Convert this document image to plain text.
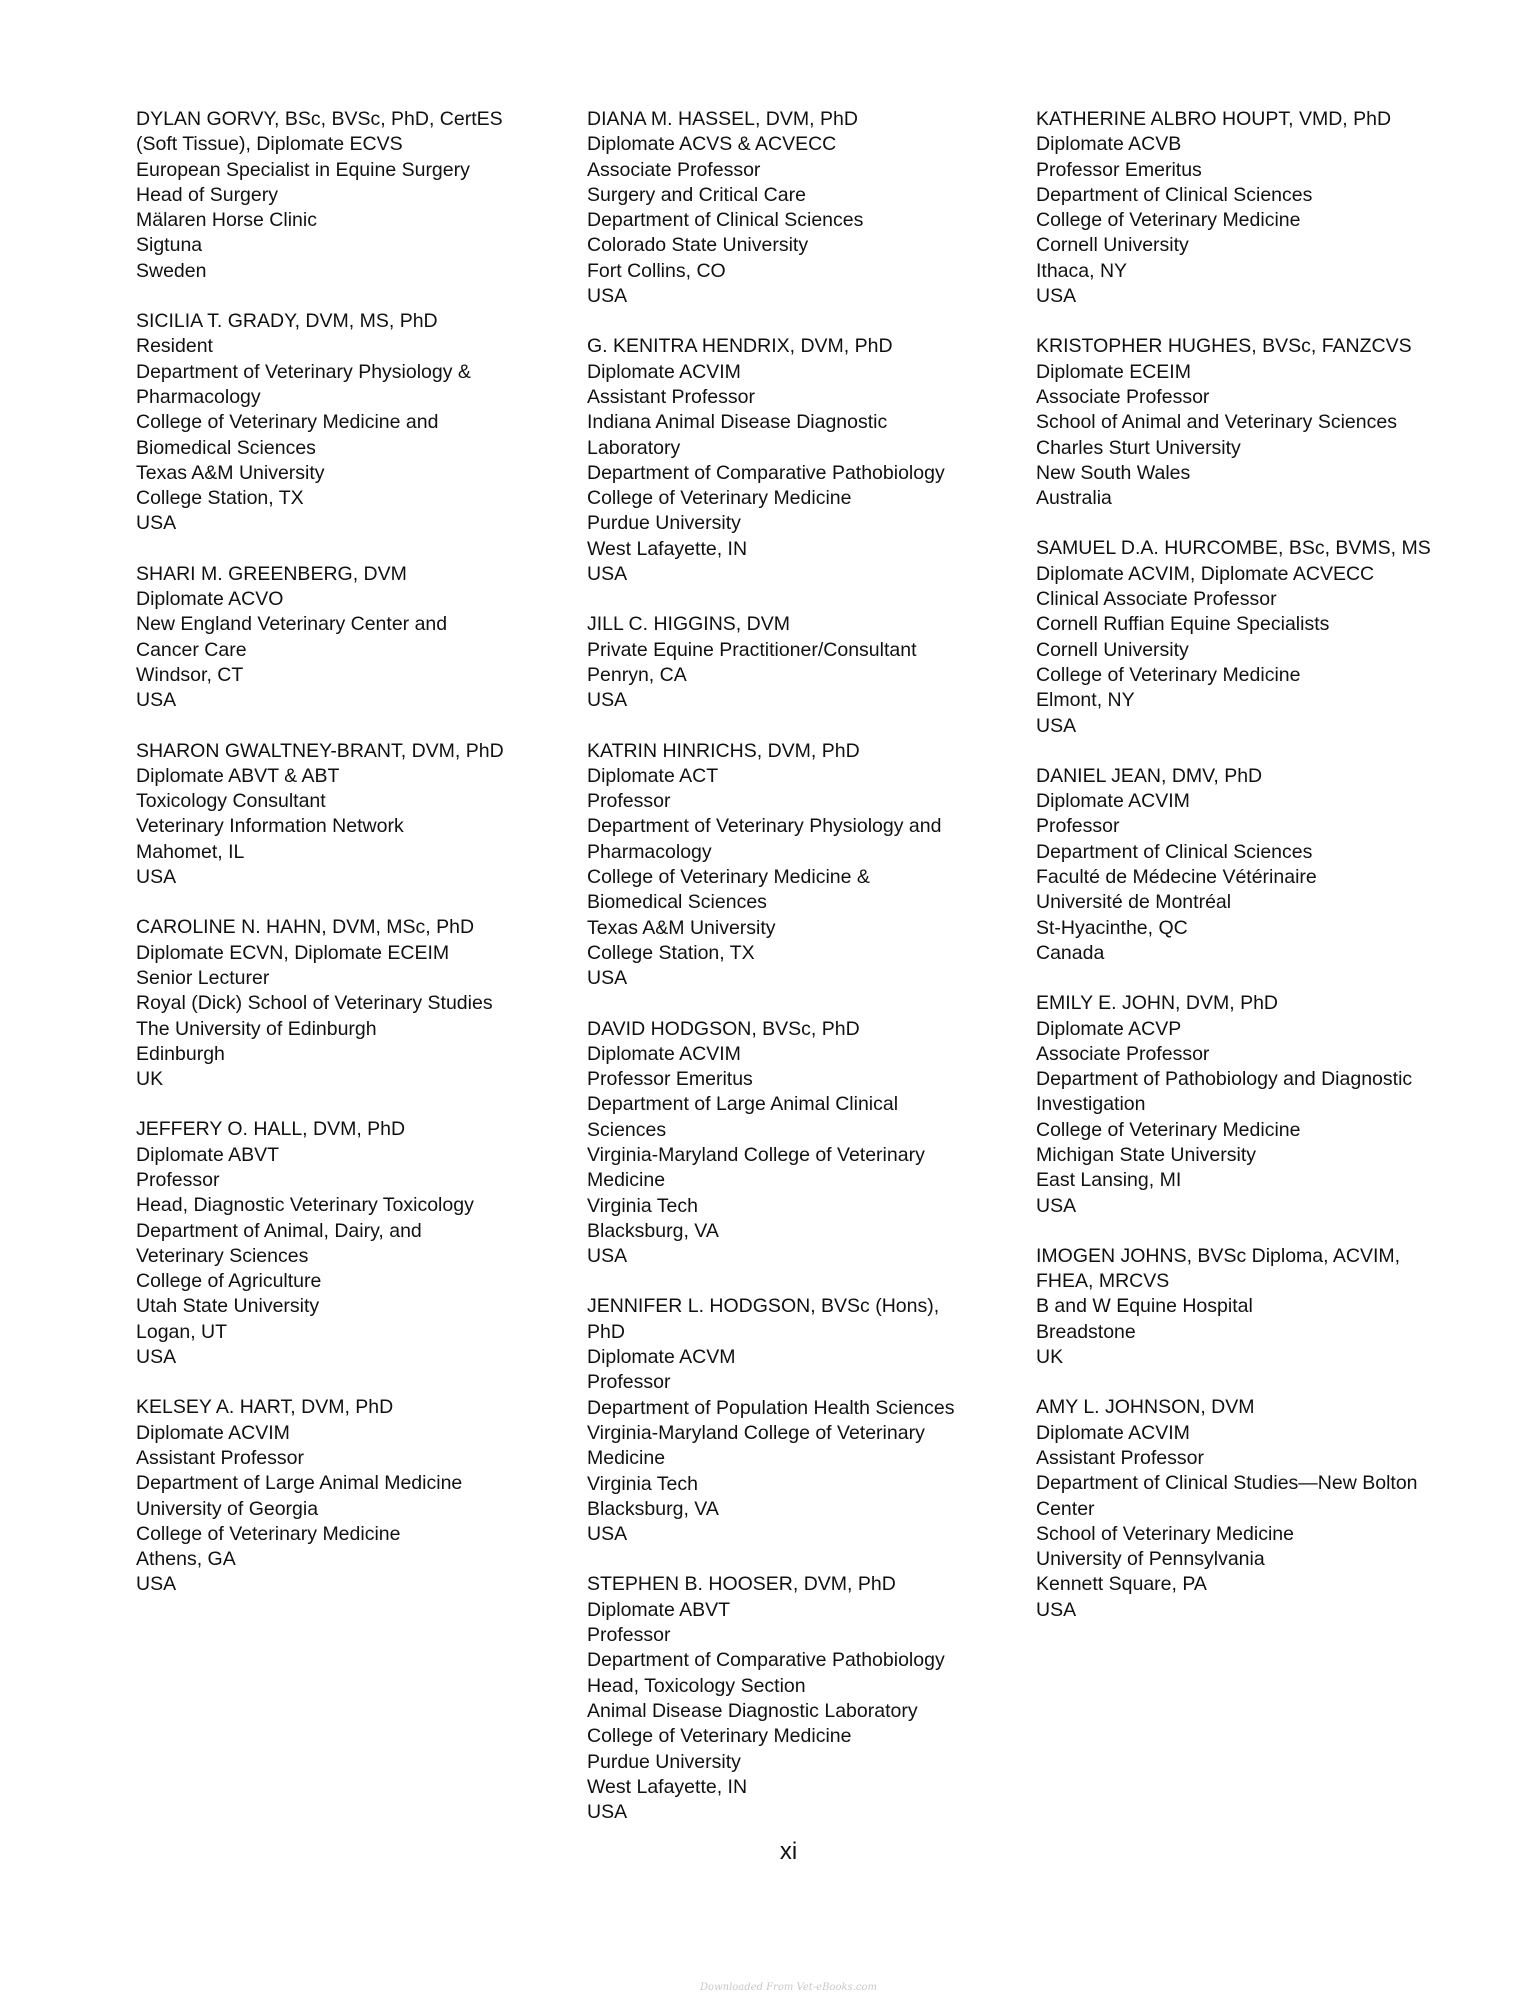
DYLAN GORVY, BSc, BVSc, PhD, CertES
(Soft Tissue), Diplomate ECVS
European Specialist in Equine Surgery
Head of Surgery
Mälaren Horse Clinic
Sigtuna
Sweden
SICILIA T. GRADY, DVM, MS, PhD
Resident
Department of Veterinary Physiology &
Pharmacology
College of Veterinary Medicine and
Biomedical Sciences
Texas A&M University
College Station, TX
USA
SHARI M. GREENBERG, DVM
Diplomate ACVO
New England Veterinary Center and
Cancer Care
Windsor, CT
USA
SHARON GWALTNEY-BRANT, DVM, PhD
Diplomate ABVT & ABT
Toxicology Consultant
Veterinary Information Network
Mahomet, IL
USA
CAROLINE N. HAHN, DVM, MSc, PhD
Diplomate ECVN, Diplomate ECEIM
Senior Lecturer
Royal (Dick) School of Veterinary Studies
The University of Edinburgh
Edinburgh
UK
JEFFERY O. HALL, DVM, PhD
Diplomate ABVT
Professor
Head, Diagnostic Veterinary Toxicology
Department of Animal, Dairy, and
Veterinary Sciences
College of Agriculture
Utah State University
Logan, UT
USA
KELSEY A. HART, DVM, PhD
Diplomate ACVIM
Assistant Professor
Department of Large Animal Medicine
University of Georgia
College of Veterinary Medicine
Athens, GA
USA
DIANA M. HASSEL, DVM, PhD
Diplomate ACVS & ACVECC
Associate Professor
Surgery and Critical Care
Department of Clinical Sciences
Colorado State University
Fort Collins, CO
USA
G. KENITRA HENDRIX, DVM, PhD
Diplomate ACVIM
Assistant Professor
Indiana Animal Disease Diagnostic
Laboratory
Department of Comparative Pathobiology
College of Veterinary Medicine
Purdue University
West Lafayette, IN
USA
JILL C. HIGGINS, DVM
Private Equine Practitioner/Consultant
Penryn, CA
USA
KATRIN HINRICHS, DVM, PhD
Diplomate ACT
Professor
Department of Veterinary Physiology and
Pharmacology
College of Veterinary Medicine &
Biomedical Sciences
Texas A&M University
College Station, TX
USA
DAVID HODGSON, BVSc, PhD
Diplomate ACVIM
Professor Emeritus
Department of Large Animal Clinical
Sciences
Virginia-Maryland College of Veterinary
Medicine
Virginia Tech
Blacksburg, VA
USA
JENNIFER L. HODGSON, BVSc (Hons),
PhD
Diplomate ACVM
Professor
Department of Population Health Sciences
Virginia-Maryland College of Veterinary
Medicine
Virginia Tech
Blacksburg, VA
USA
STEPHEN B. HOOSER, DVM, PhD
Diplomate ABVT
Professor
Department of Comparative Pathobiology
Head, Toxicology Section
Animal Disease Diagnostic Laboratory
College of Veterinary Medicine
Purdue University
West Lafayette, IN
USA
KATHERINE ALBRO HOUPT, VMD, PhD
Diplomate ACVB
Professor Emeritus
Department of Clinical Sciences
College of Veterinary Medicine
Cornell University
Ithaca, NY
USA
KRISTOPHER HUGHES, BVSc, FANZCVS
Diplomate ECEIM
Associate Professor
School of Animal and Veterinary Sciences
Charles Sturt University
New South Wales
Australia
SAMUEL D.A. HURCOMBE, BSc, BVMS, MS
Diplomate ACVIM, Diplomate ACVECC
Clinical Associate Professor
Cornell Ruffian Equine Specialists
Cornell University
College of Veterinary Medicine
Elmont, NY
USA
DANIEL JEAN, DMV, PhD
Diplomate ACVIM
Professor
Department of Clinical Sciences
Faculté de Médecine Vétérinaire
Université de Montréal
St-Hyacinthe, QC
Canada
EMILY E. JOHN, DVM, PhD
Diplomate ACVP
Associate Professor
Department of Pathobiology and Diagnostic
Investigation
College of Veterinary Medicine
Michigan State University
East Lansing, MI
USA
IMOGEN JOHNS, BVSc Diploma, ACVIM,
FHEA, MRCVS
B and W Equine Hospital
Breadstone
UK
AMY L. JOHNSON, DVM
Diplomate ACVIM
Assistant Professor
Department of Clinical Studies—New Bolton
Center
School of Veterinary Medicine
University of Pennsylvania
Kennett Square, PA
USA
xi
Downloaded From Vet-eBooks.com
